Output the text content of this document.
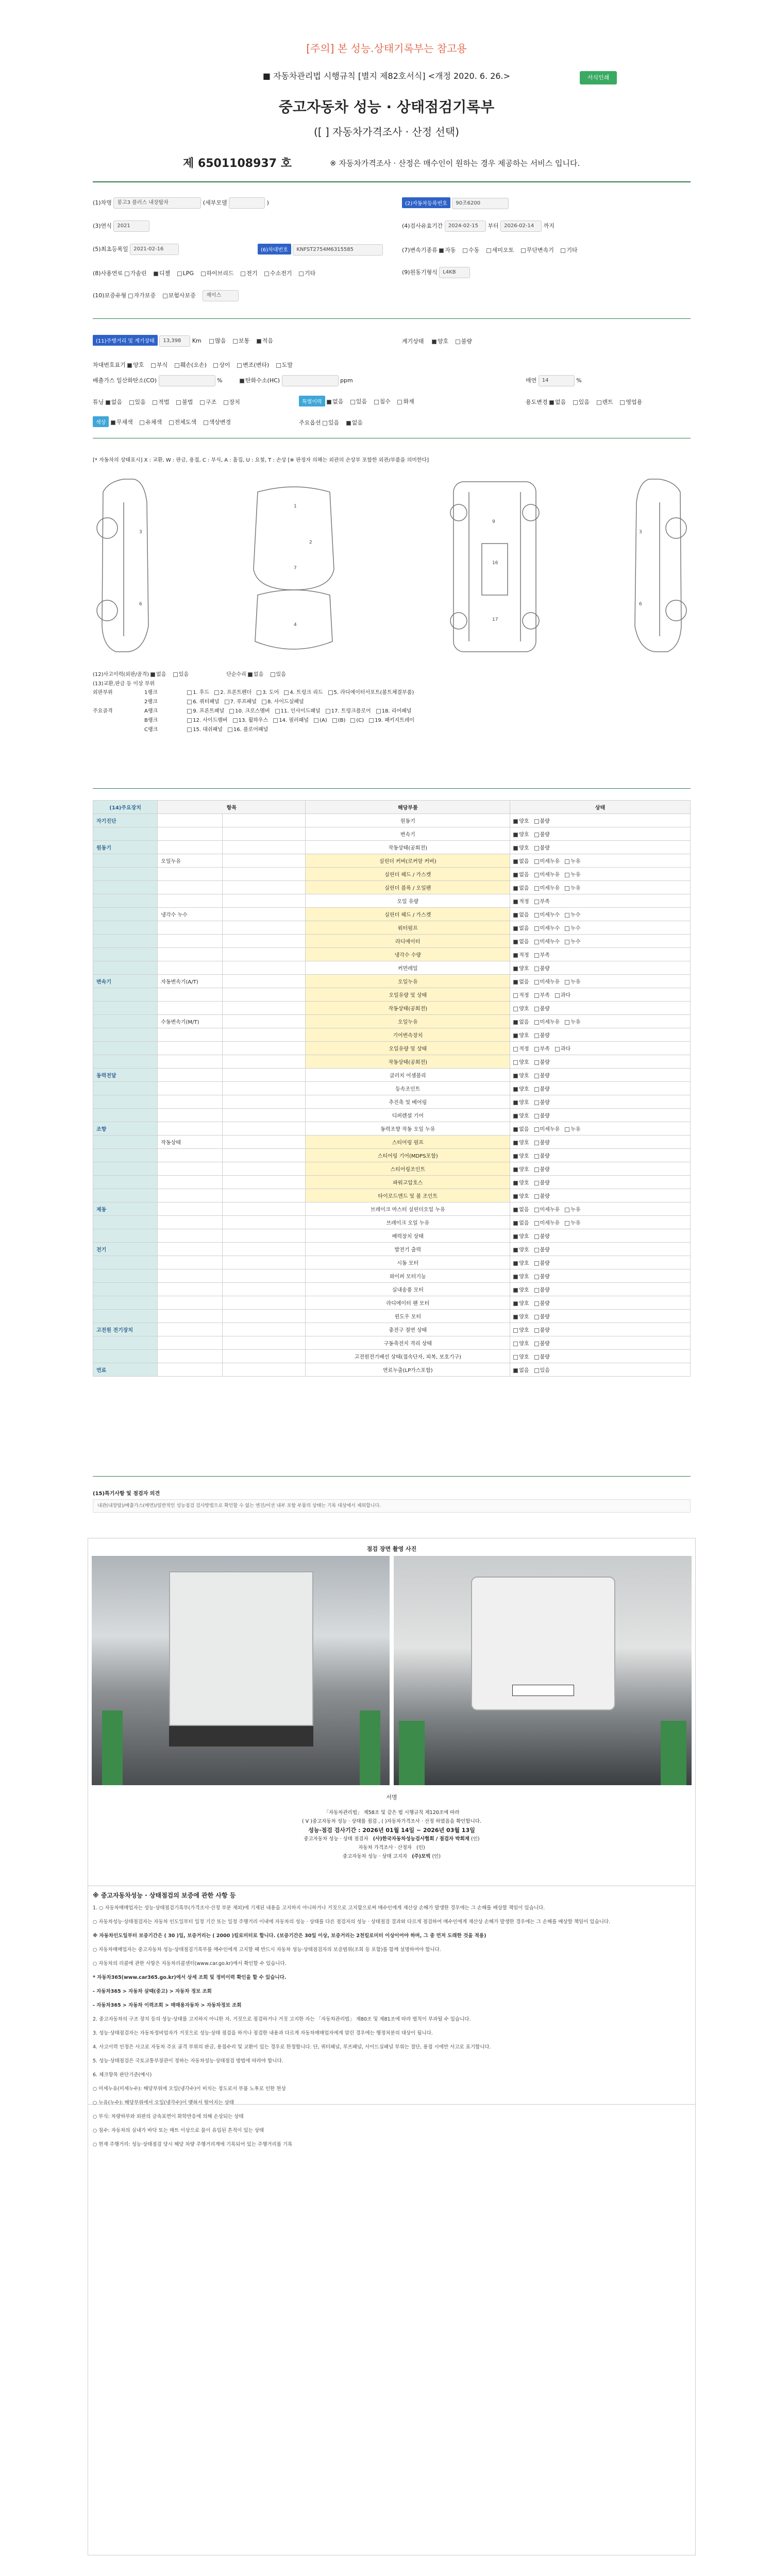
[주의] 본 성능.상태기록부는 참고용
■ 자동차관리법 시행규칙 [별지 제82호서식] <개정 2020. 6. 26.>	서식인쇄
중고자동차 성능 · 상태점검기록부
([ ] 자동차가격조사 · 산정 선택)
제 6501108937 호	※ 자동차가격조사 · 산정은 매수인이 원하는 경우 제공하는 서비스 입니다.
(1)차명 봉고3 플러스 내장탑차	(세부모델	)	(2)자동차등록번호 90조6200
(3)연식 2021	(4)검사유효기간 2024-02-15 부터 2026-02-14 까지
(5)최초등록일 2021-02-16	(6)차대번호 KNFST2754M6315585	(7)변속기종류 자동 수동 세미오토 무단변속기 기타
(8)사용연료 가솔린 디젤 LPG 하이브리드 전기 수소전기 기타	(9)원동기형식 L4KB
(10)보증유형 자가보증 보험사보증 제이스
(11)주행거리 및 계기상태 13,398 Km 많음 보통 적음	계기상태 양호 불량
차대번호표기 양호 부식 훼손(오손) 상이 변조(변타) 도말
배출가스 일산화탄소(CO)	%	탄화수소(HC)	ppm	매연 14	%
튜닝 없음 있음 적법 불법 구조 장치	특별이력 없음 있음 침수 화재	용도변경 없음 있음 렌트 영업용
색상 무채색 유채색 전체도색 색상변경	주요옵션 있음 없음
[* 자동차의 상태표시] X : 교환, W : 판금, 용접, C : 부식, A : 흠집, U : 요철, T : 손상 [※ 판정자 의해는 외관의 손상부 포함한 외관/부품을 의미한다]
3
6
1
2
7
4
9
16
17
3
6
(12)사고이력(외판/골격) 없음 있음	단순수리 없음 있음
(13)교환,판금 등 이상 부위
외판부위	1랭크	1. 후드 2. 프론트펜더 3. 도어 4. 트렁크 리드 5. 라디에이터서포트(볼트체결부품)
2랭크	6. 쿼터패널 7. 루프패널 8. 사이드실패널
주요골격	A랭크	9. 프론트패널 10. 크로스멤버 11. 인사이드패널 17. 트렁크플로어 18. 리어패널
B랭크	12. 사이드멤버 13. 휠하우스 14. 필러패널 (A) (B) (C) 19. 패키지트레이
C랭크	15. 대쉬패널 16. 플로어패널
(14)주요장치	항목		해당부품	상태
자기진단			원동기	양호 불량
			변속기	양호 불량
원동기			작동상태(공회전)	양호 불량
	오일누유		실린더 커버(로커암 커버)	없음 미세누유 누유
			실린더 헤드 / 가스켓	없음 미세누유 누유
			실린더 블록 / 오일팬	없음 미세누유 누유
			오일 유량	적정 부족
	냉각수 누수		실린더 헤드 / 가스켓	없음 미세누수 누수
			워터펌프	없음 미세누수 누수
			라디에이터	없음 미세누수 누수
			냉각수 수량	적정 부족
			커먼레일	양호 불량
변속기	자동변속기(A/T)		오일누유	없음 미세누유 누유
			오일유량 및 상태	적정 부족 과다
			작동상태(공회전)	양호 불량
	수동변속기(M/T)		오일누유	없음 미세누유 누유
			기어변속장치	양호 불량
			오일유량 및 상태	적정 부족 과다
			작동상태(공회전)	양호 불량
동력전달			클러치 어셈블리	양호 불량
			등속조인트	양호 불량
			추진축 및 베어링	양호 불량
			디퍼렌셜 기어	양호 불량
조향			동력조향 작동 오일 누유	없음 미세누유 누유
	작동상태		스티어링 펌프	양호 불량
			스티어링 기어(MDPS포함)	양호 불량
			스티어링조인트	양호 불량
			파워고압호스	양호 불량
			타이로드엔드 및 볼 조인트	양호 불량
제동			브레이크 마스터 실린더오일 누유	없음 미세누유 누유
			브레이크 오일 누유	없음 미세누유 누유
			배력장치 상태	양호 불량
전기			발전기 출력	양호 불량
			시동 모터	양호 불량
			와이퍼 모터기능	양호 불량
			실내송풍 모터	양호 불량
			라디에이터 팬 모터	양호 불량
			윈도우 모터	양호 불량
고전원 전기장치			충전구 절연 상태	양호 불량
			구동축전지 격리 상태	양호 불량
			고전원전기배선 상태(접속단자, 피복, 보호기구)	양호 불량
연료			연료누출(LP가스포함)	없음 있음
(15)특기사항 및 점검자 의견
내관(내장탑)/배출가스(매연)/일반적인 성능점검 검사방법으로 확인할 수 없는 엔진/미션 내부 포함 부품의 상태는 기록 대상에서 제외합니다.
점검 장면 촬영 사진
서명
「자동차관리법」 제58조 및 같은 법 시행규칙 제120조에 따라
( V )중고자동차 성능 · 상태를 점검 , ( )자동차가격조사 · 산정 하였음을 확인합니다.
성능·점검 검사기간 : 2026년 01월 14일 ~ 2026년 03월 13일
중고자동차 성능 · 상태 점검자 (사)한국자동차성능검사협회 / 점검자 박희재 (인)
자동차 가격조사 · 산정자 (인)
중고자동차 성능 · 상태 고지자 (주)모빅 (인)
※ 중고자동차성능 · 상태점검의 보증에 관한 사항 등
1. ○ 자동차매매업자는 성능·상태점검기록부(가격조사·산정 부분 제외)에 기재된 내용을 고지하지 아니하거나 거짓으로 고지함으로써 매수인에게 재산상 손해가 발생한 경우에는 그 손해를 배상할 책임이 있습니다.
○ 자동차성능·상태점검자는 자동차 인도일부터 일정 기간 또는 일정 주행거리 이내에 자동차의 성능 · 상태를 다른 점검자의 성능 · 상태점검 결과와 다르게 점검하여 매수인에게 재산상 손해가 발생한 경우에는 그 손해를 배상할 책임이 있습니다.
※ 자동차인도일부터 보증기간은 ( 30 )일, 보증거리는 ( 2000 )킬로미터로 합니다. (보증기간은 30일 이상, 보증거리는 2천킬로미터 이상이어야 하며, 그 중 먼저 도래한 것을 적용)
○ 자동차매매업자는 중고자동차 성능·상태점검기록부를 매수인에게 고지할 때 반드시 자동차 성능·상태점검자의 보증범위(조회 등 포함)를 함께 설명하여야 합니다.
○ 자동차의 리콜에 관한 사항은 자동차리콜센터(www.car.go.kr)에서 확인할 수 있습니다.
* 자동차365(www.car365.go.kr)에서 상세 조회 및 정비이력 확인을 할 수 있습니다.
- 자동차365 > 자동차 살때(중고) > 자동차 정보 조회
- 자동차365 > 자동차 이력조회 > 매매용자동차 > 자동차정보 조회
2. 중고자동차의 구조 장치 등의 성능·상태를 고지하지 아니한 자, 거짓으로 점검하거나 거짓 고지한 자는 「자동차관리법」 제80조 및 제81조에 따라 벌칙이 부과될 수 있습니다.
3. 성능·상태점검자는 자동차정비업자가 거짓으로 성능·상태 점검을 하거나 점검한 내용과 다르게 자동차매매업자에게 알린 경우에는 행정처분의 대상이 됩니다.
4. 사고이력 인정은 사고로 자동차 주요 골격 부위의 판금, 용접수리 및 교환이 있는 경우로 한정합니다. 단, 쿼터패널, 루프패널, 사이드실패널 부위는 절단, 용접 시에만 사고로 표기합니다.
5. 성능·상태점검은 국토교통부장관이 정하는 자동차성능·상태점검 방법에 따라야 합니다.
6. 체크항목 판단기준(예시)
○ 미세누유(미세누수): 해당부위에 오일(냉각수)이 비치는 정도로서 부품 노후로 인한 현상
○ 누유(누수): 해당부위에서 오일(냉각수)이 맺혀서 떨어지는 상태
○ 부식: 차량하부와 외판의 금속표면이 화학반응에 의해 손상되는 상태
○ 침수: 자동차의 실내가 바닥 또는 매트 이상으로 물이 유입된 흔적이 있는 상태
○ 현재 주행거리: 성능·상태점검 당시 해당 차량 주행거리계에 기록되어 있는 주행거리를 기록
